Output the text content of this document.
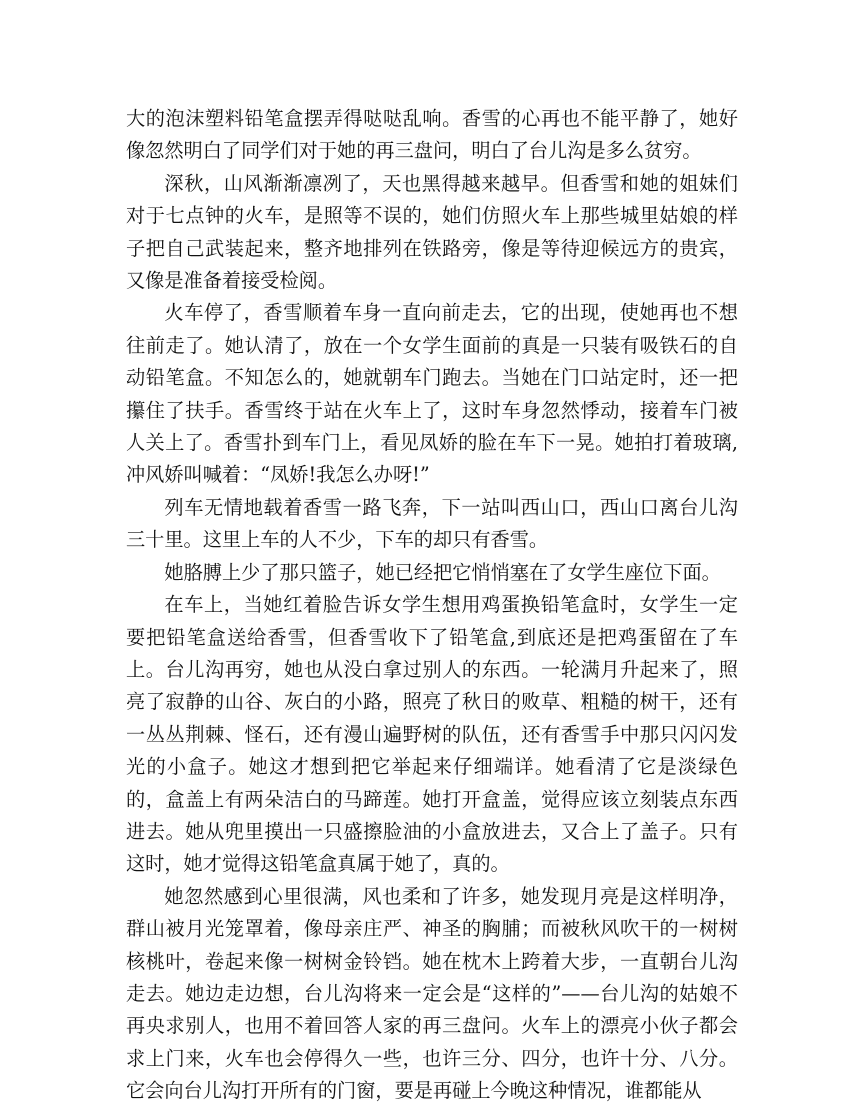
大的泡沫塑料铅笔盒摆弄得哒哒乱响。香雪的心再也不能平静了，她好像忽然明白了同学们对于她的再三盘问，明白了台儿沟是多么贫穷。

深秋，山风渐渐凛冽了，天也黑得越来越早。但香雪和她的姐妹们对于七点钟的火车，是照等不误的，她们仿照火车上那些城里姑娘的样子把自己武装起来，整齐地排列在铁路旁，像是等待迎候远方的贵宾，又像是准备着接受检阅。

火车停了，香雪顺着车身一直向前走去，它的出现，使她再也不想往前走了。她认清了，放在一个女学生面前的真是一只装有吸铁石的自动铅笔盒。不知怎么的，她就朝车门跑去。当她在门口站定时，还一把攥住了扶手。香雪终于站在火车上了，这时车身忽然悸动，接着车门被人关上了。香雪扑到车门上，看见凤娇的脸在车下一晃。她拍打着玻璃,冲风娇叫喊着：“凤娇!我怎么办呀!”

列车无情地载着香雪一路飞奔，下一站叫西山口，西山口离台儿沟三十里。这里上车的人不少，下车的却只有香雪。

她胳膊上少了那只篮子，她已经把它悄悄塞在了女学生座位下面。

在车上，当她红着脸告诉女学生想用鸡蛋换铅笔盒时，女学生一定要把铅笔盒送给香雪，但香雪收下了铅笔盒,到底还是把鸡蛋留在了车上。台儿沟再穷，她也从没白拿过别人的东西。一轮满月升起来了，照亮了寂静的山谷、灰白的小路，照亮了秋日的败草、粗糙的树干，还有一丛丛荆棘、怪石，还有漫山遍野树的队伍，还有香雪手中那只闪闪发光的小盒子。她这才想到把它举起来仔细端详。她看清了它是淡绿色的，盒盖上有两朵洁白的马蹄莲。她打开盒盖，觉得应该立刻装点东西进去。她从兜里摸出一只盛擦脸油的小盒放进去，又合上了盖子。只有这时，她才觉得这铅笔盒真属于她了，真的。

她忽然感到心里很满，风也柔和了许多，她发现月亮是这样明净，群山被月光笼罩着，像母亲庄严、神圣的胸脯；而被秋风吹干的一树树核桃叶，卷起来像一树树金铃铛。她在枕木上跨着大步，一直朝台儿沟走去。她边走边想，台儿沟将来一定会是“这样的”——台儿沟的姑娘不再央求别人，也用不着回答人家的再三盘问。火车上的漂亮小伙子都会求上门来，火车也会停得久一些，也许三分、四分，也许十分、八分。它会向台儿沟打开所有的门窗，要是再碰上今晚这种情况，谁都能从
